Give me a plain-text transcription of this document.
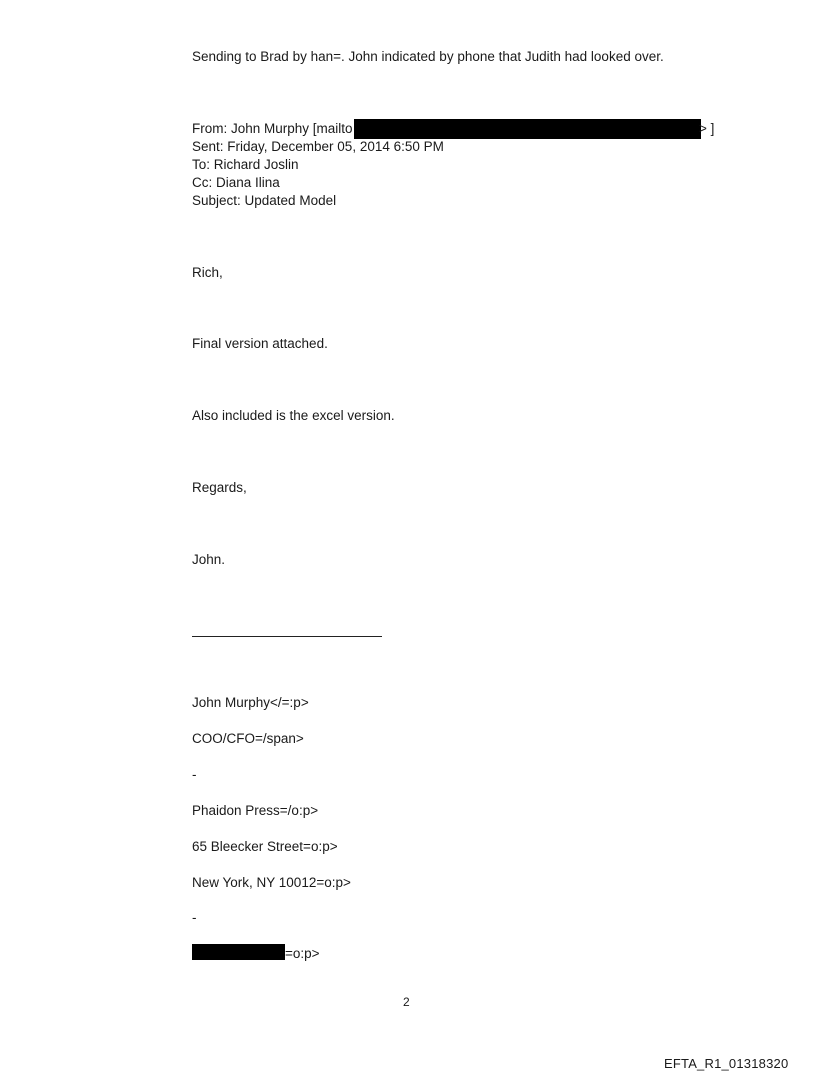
Sending to Brad by han=. John indicated by phone that Judith had looked over.

From: John Murphy [mailto	> ]

Sent: Friday, December 05, 2014 6:50 PM

To: Richard Joslin

Cc: Diana Ilina

Subject: Updated Model

Rich,

Final version attached.

Also included is the excel version.

Regards,

John.

John Murphy</=:p>

COO/CFO=/span>

-

Phaidon Press=/o:p>

65 Bleecker Street=o:p>

New York, NY 10012=o:p>

-

=o:p>

2
EFTA_R1_01318320
